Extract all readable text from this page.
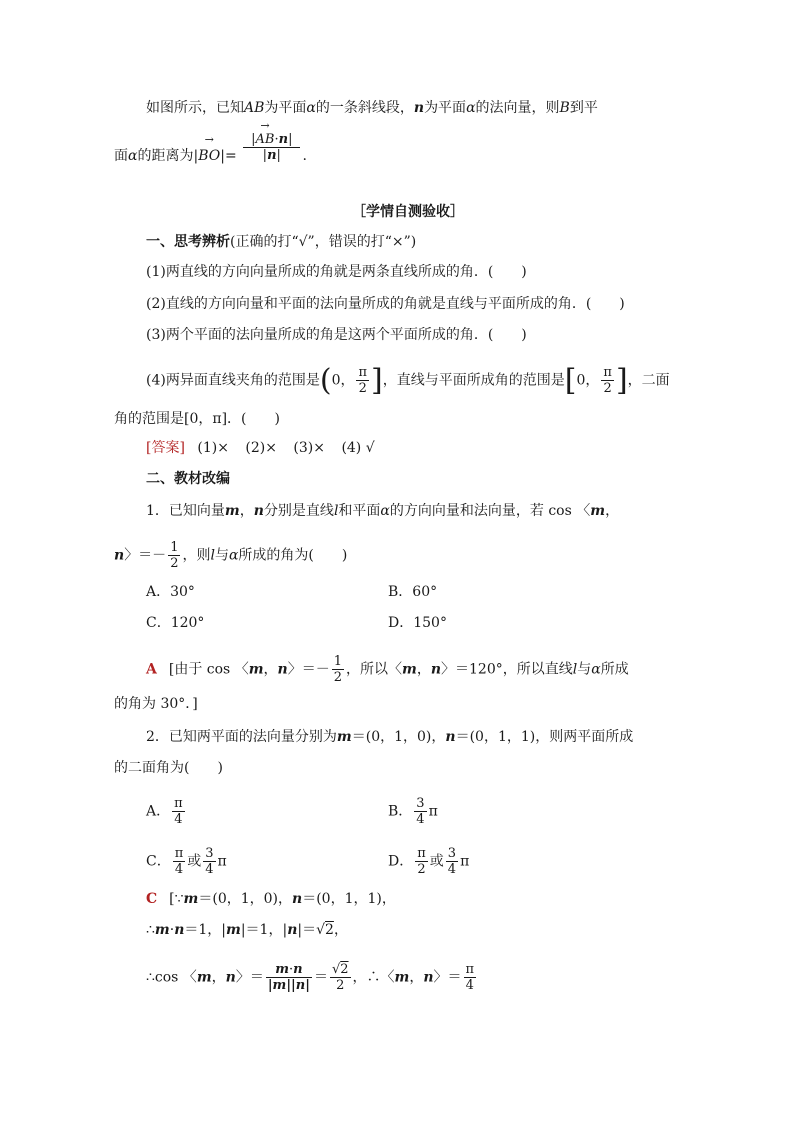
如图所示，已知AB为平面α的一条斜线段，n为平面α的法向量，则B到平
面α的距离为|→ $BO|= \frac{|\to AB\cdot n|}{|n|}$ .
［学情自测验收］
一、思考辨析(正确的打“√”，错误的打“×”)
(1)两直线的方向向量所成的角就是两条直线所成的角．(　　)
(2)直线的方向向量和平面的法向量所成的角就是直线与平面所成的角．(　　)
(3)两个平面的法向量所成的角是这两个平面所成的角．(　　)
(4)两异面直线夹角的范围是(0， $\frac{\pi}{2}$ ]，直线与平面所成角的范围是[0， $\frac{\pi}{2}$ ]，二面
角的范围是[0，π]．(　　)
[答案] (1)× (2)× (3)× (4) √
二、教材改编
1．已知向量m，n分别是直线l和平面α的方向向量和法向量，若 cos 〈m，
n〉＝－ $\frac{1}{2}$ ，则l与α所成的角为(　　)
A．30°	B．60°
C．120°	D．150°
A [由于 cos 〈m，n〉＝－ $\frac{1}{2}$ ，所以〈m，n〉＝120°，所以直线l与α所成
的角为 30°．]
2．已知两平面的法向量分别为m＝(0，1，0)，n＝(0，1，1)，则两平面所成
的二面角为(　　)
A． $\frac{\pi}{4}$	B． $\frac{3}{4}$ π
C． $\frac{\pi}{4}$ 或 $\frac{3}{4}$ π	D． $\frac{\pi}{2}$ 或 $\frac{3}{4}$ π
C [∵m＝(0，1，0)，n＝(0，1，1)，
∴m·n＝1，|m|＝1，|n|＝√2，
∴cos 〈m，n〉＝ $\frac{m\cdot n}{|m||n|} = \frac{√2}{2}$ ，∴〈m，n〉＝ $\frac{\pi}{4}$
